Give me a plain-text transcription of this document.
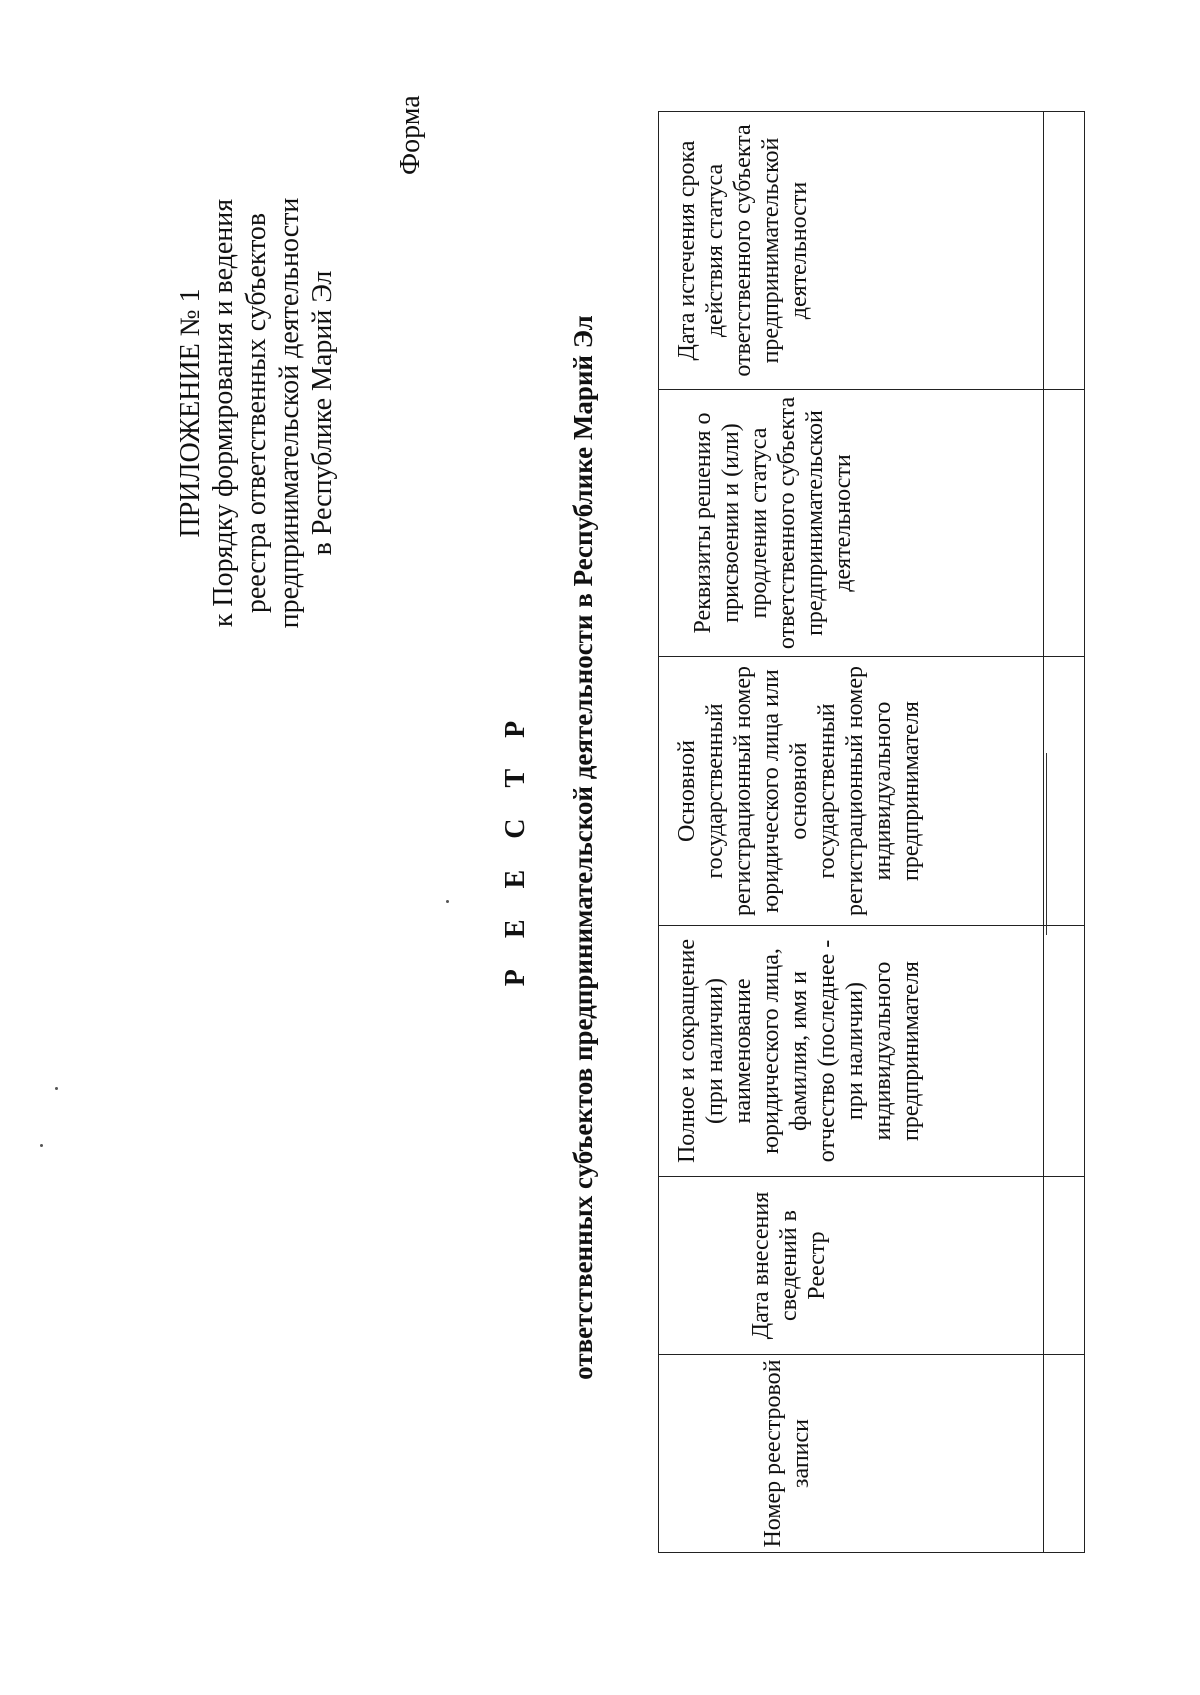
ПРИЛОЖЕНИЕ № 1 к Порядку формирования и ведения реестра ответственных субъектов предпринимательской деятельности в Республике Марий Эл
Форма
Р Е Е С Т Р ответственных субъектов предпринимательской деятельности в Республике Марий Эл
Номер реестровой записи	Дата внесения сведений в Реестр	Полное и сокращение (при наличии) наименование юридического лица, фамилия, имя и отчество (последнее - при наличии) индивидуального предпринимателя	Основной государственный регистрационный номер юридического лица или основной государственный регистрационный номер индивидуального предпринимателя	Реквизиты решения о присвоении и (или) продлении статуса ответственного субъекта предпринимательской деятельности	Дата истечения срока действия статуса ответственного субъекта предпринимательской деятельности
